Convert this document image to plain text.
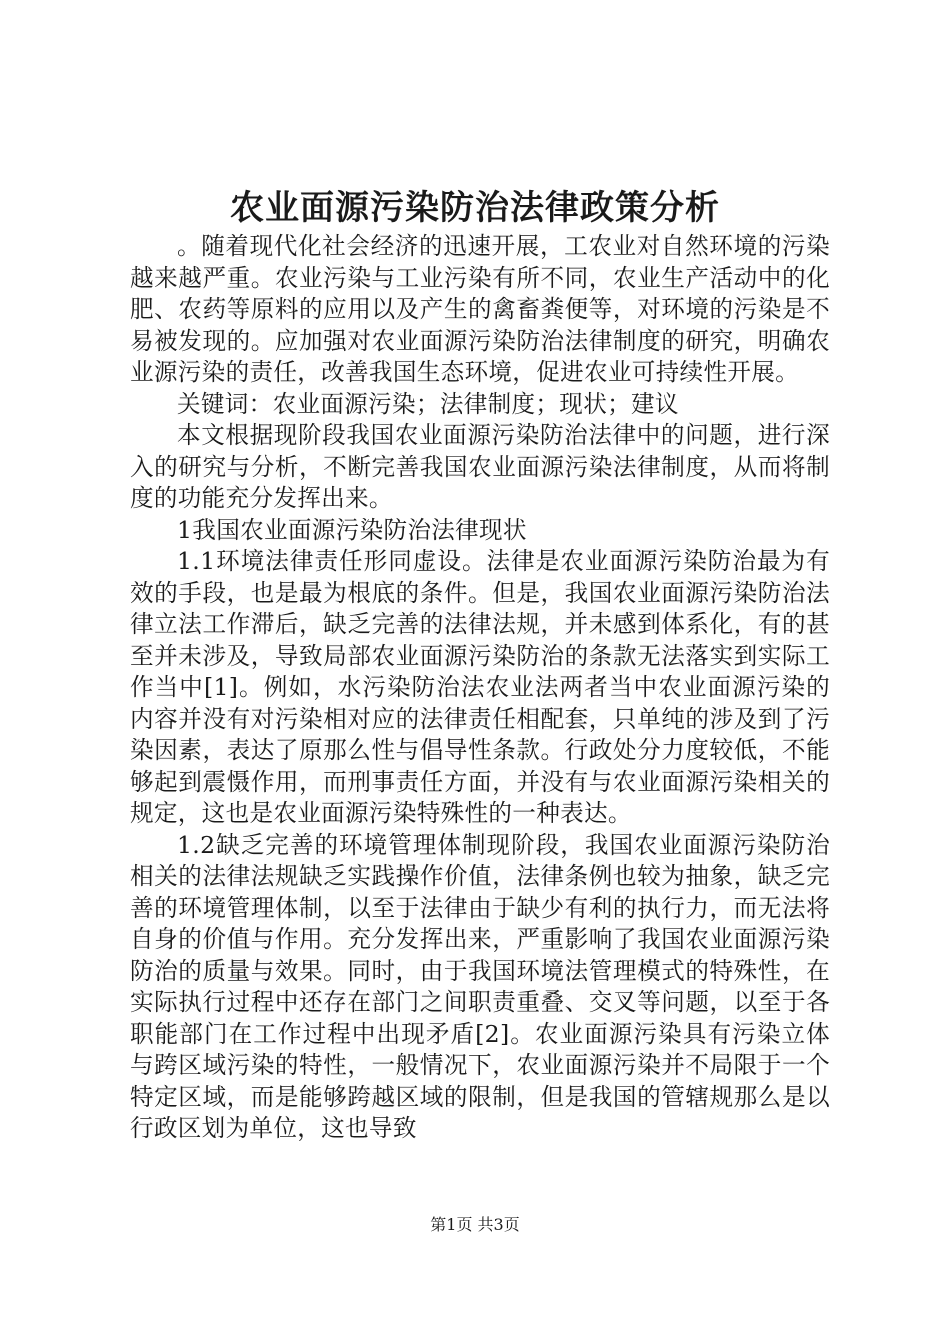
农业面源污染防治法律政策分析

。随着现代化社会经济的迅速开展，工农业对自然环境的污染越来越严重。农业污染与工业污染有所不同，农业生产活动中的化肥、农药等原料的应用以及产生的禽畜粪便等，对环境的污染是不易被发现的。应加强对农业面源污染防治法律制度的研究，明确农业源污染的责任，改善我国生态环境，促进农业可持续性开展。

关键词：农业面源污染；法律制度；现状；建议

本文根据现阶段我国农业面源污染防治法律中的问题，进行深入的研究与分析，不断完善我国农业面源污染法律制度，从而将制度的功能充分发挥出来。

1我国农业面源污染防治法律现状

1.1环境法律责任形同虚设。法律是农业面源污染防治最为有效的手段，也是最为根底的条件。但是，我国农业面源污染防治法律立法工作滞后，缺乏完善的法律法规，并未感到体系化，有的甚至并未涉及，导致局部农业面源污染防治的条款无法落实到实际工作当中[1]。例如，水污染防治法农业法两者当中农业面源污染的内容并没有对污染相对应的法律责任相配套，只单纯的涉及到了污染因素，表达了原那么性与倡导性条款。行政处分力度较低，不能够起到震慑作用，而刑事责任方面，并没有与农业面源污染相关的规定，这也是农业面源污染特殊性的一种表达。

1.2缺乏完善的环境管理体制现阶段，我国农业面源污染防治相关的法律法规缺乏实践操作价值，法律条例也较为抽象，缺乏完善的环境管理体制，以至于法律由于缺少有利的执行力，而无法将自身的价值与作用。充分发挥出来，严重影响了我国农业面源污染防治的质量与效果。同时，由于我国环境法管理模式的特殊性，在实际执行过程中还存在部门之间职责重叠、交叉等问题，以至于各职能部门在工作过程中出现矛盾[2]。农业面源污染具有污染立体与跨区域污染的特性，一般情况下，农业面源污染并不局限于一个特定区域，而是能够跨越区域的限制，但是我国的管辖规那么是以行政区划为单位，这也导致

第1页 共3页
